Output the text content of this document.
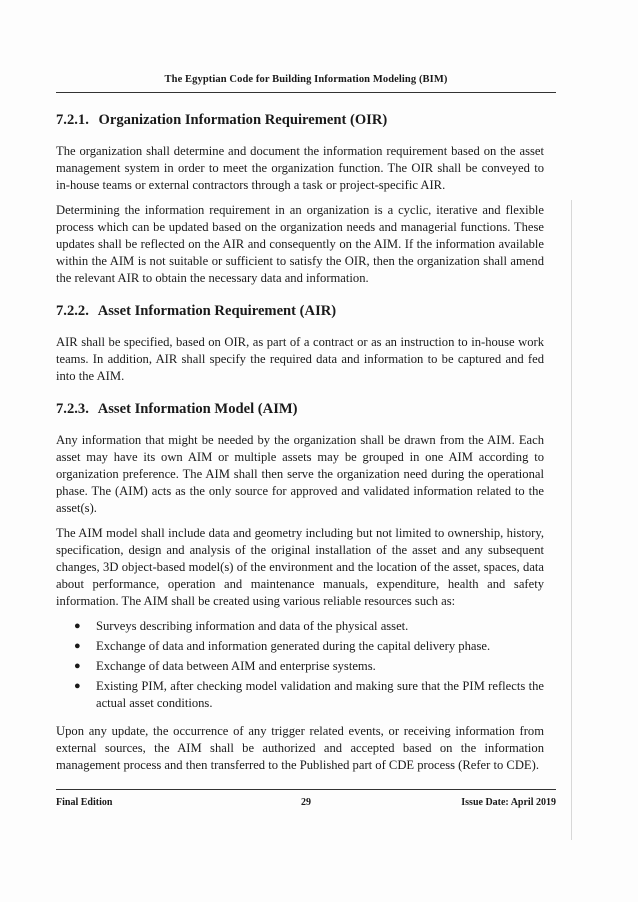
The Egyptian Code for Building Information Modeling (BIM)
7.2.1. Organization Information Requirement (OIR)

The organization shall determine and document the information requirement based on the asset management system in order to meet the organization function. The OIR shall be conveyed to in-house teams or external contractors through a task or project-specific AIR.

Determining the information requirement in an organization is a cyclic, iterative and flexible process which can be updated based on the organization needs and managerial functions. These updates shall be reflected on the AIR and consequently on the AIM. If the information available within the AIM is not suitable or sufficient to satisfy the OIR, then the organization shall amend the relevant AIR to obtain the necessary data and information.

7.2.2. Asset Information Requirement (AIR)

AIR shall be specified, based on OIR, as part of a contract or as an instruction to in-house work teams. In addition, AIR shall specify the required data and information to be captured and fed into the AIM.

7.2.3. Asset Information Model (AIM)

Any information that might be needed by the organization shall be drawn from the AIM. Each asset may have its own AIM or multiple assets may be grouped in one AIM according to organization preference. The AIM shall then serve the organization need during the operational phase. The (AIM) acts as the only source for approved and validated information related to the asset(s).

The AIM model shall include data and geometry including but not limited to ownership, history, specification, design and analysis of the original installation of the asset and any subsequent changes, 3D object-based model(s) of the environment and the location of the asset, spaces, data about performance, operation and maintenance manuals, expenditure, health and safety information. The AIM shall be created using various reliable resources such as:

● Surveys describing information and data of the physical asset.
● Exchange of data and information generated during the capital delivery phase.
● Exchange of data between AIM and enterprise systems.
● Existing PIM, after checking model validation and making sure that the PIM reflects the actual asset conditions.

Upon any update, the occurrence of any trigger related events, or receiving information from external sources, the AIM shall be authorized and accepted based on the information management process and then transferred to the Published part of CDE process (Refer to CDE).

Final Edition	29	Issue Date: April 2019
